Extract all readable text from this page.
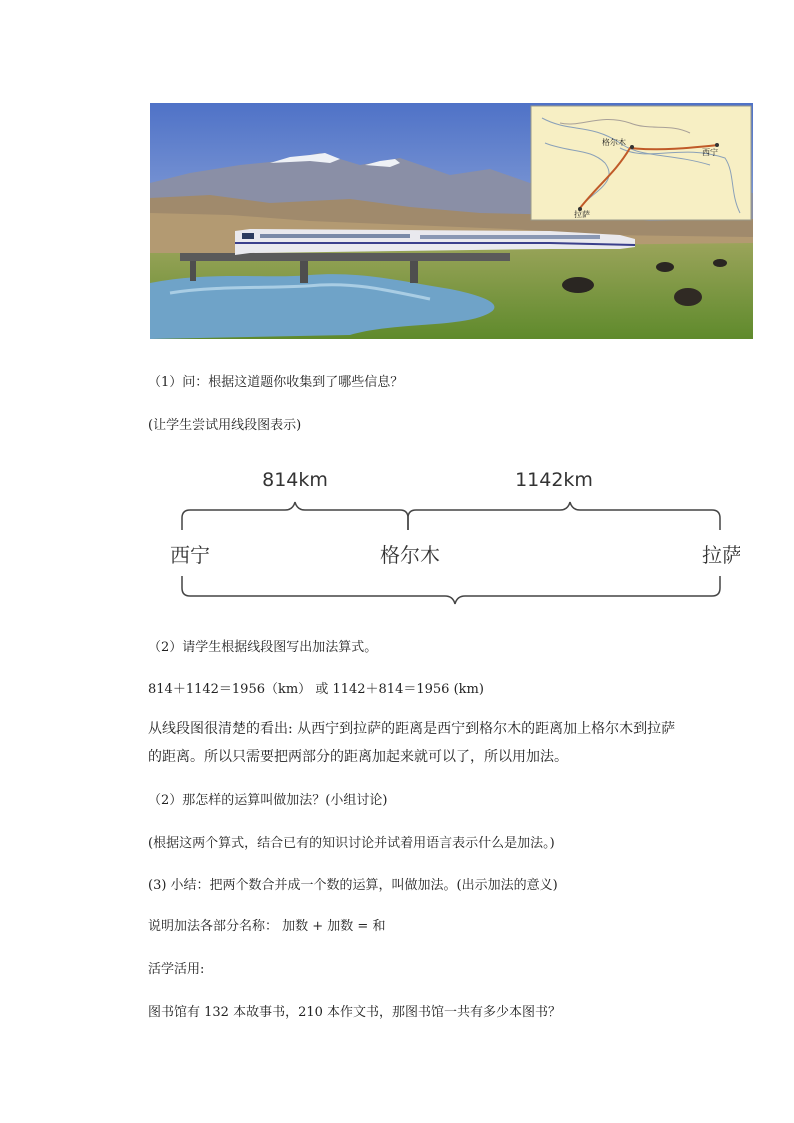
格尔木
西宁
拉萨
（1）问：根据这道题你收集到了哪些信息？
(让学生尝试用线段图表示)
814km	1142km
西宁	格尔木	拉萨
（2）请学生根据线段图写出加法算式。
814＋1142＝1956（km） 或 1142＋814＝1956 (km)
从线段图很清楚的看出: 从西宁到拉萨的距离是西宁到格尔木的距离加上格尔木到拉萨
的距离。所以只需要把两部分的距离加起来就可以了，所以用加法。
（2）那怎样的运算叫做加法？(小组讨论)
(根据这两个算式，结合已有的知识讨论并试着用语言表示什么是加法。)
(3) 小结：把两个数合并成一个数的运算，叫做加法。(出示加法的意义)
说明加法各部分名称： 加数 + 加数 = 和
活学活用:
图书馆有 132 本故事书，210 本作文书，那图书馆一共有多少本图书？
